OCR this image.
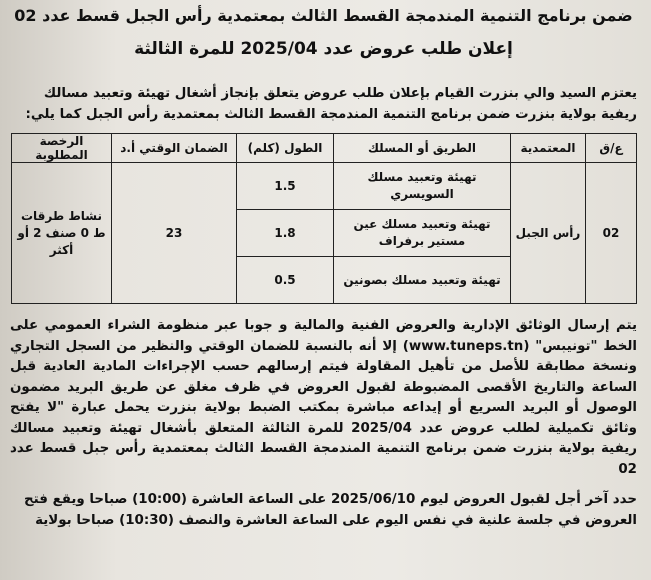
ضمن برنامج التنمية المندمجة القسط الثالث بمعتمدية رأس الجبل قسط عدد 02
إعلان طلب عروض عدد 2025/04 للمرة الثالثة
يعتزم السيد والي بنزرت القيام بإعلان طلب عروض يتعلق بإنجاز أشغال تهيئة وتعبيد مسالك ريفية بولاية بنزرت ضمن برنامج التنمية المندمجة القسط الثالث بمعتمدية رأس الجبل كما يلي:
ع/ق	المعتمدية	الطريق أو المسلك	الطول (كلم)	الضمان الوقتي أ.د	الرخصة المطلوبة
02	رأس الجبل	تهيئة وتعبيد مسلك السويسري	1.5	23	نشاط طرقات ط 0 صنف 2 أو أكثر
		تهيئة وتعبيد مسلك عين مستير برفراف	1.8		
		تهيئة وتعبيد مسلك بصونين	0.5		
يتم إرسال الوثائق الإدارية والعروض الفنية والمالية و جوبا عبر منظومة الشراء العمومي على الخط "تونيبس" (www.tuneps.tn) إلا أنه بالنسبة للضمان الوقتي والنظير من السجل التجاري ونسخة مطابقة للأصل من تأهيل المقاولة فيتم إرسالهم حسب الإجراءات المادية العادية قبل الساعة والتاريخ الأقصى المضبوطة لقبول العروض في ظرف مغلق عن طريق البريد مضمون الوصول أو البريد السريع أو إيداعه مباشرة بمكتب الضبط بولاية بنزرت يحمل عبارة "لا يفتح وثائق تكميلية لطلب عروض عدد 2025/04 للمرة الثالثة المتعلق بأشغال تهيئة وتعبيد مسالك ريفية بولاية بنزرت ضمن برنامج التنمية المندمجة القسط الثالث بمعتمدية رأس جبل قسط عدد 02
حدد آخر أجل لقبول العروض ليوم 2025/06/10 على الساعة العاشرة (10:00) صباحا ويقع فتح العروض في جلسة علنية في نفس اليوم على الساعة العاشرة والنصف (10:30) صباحا بولاية
